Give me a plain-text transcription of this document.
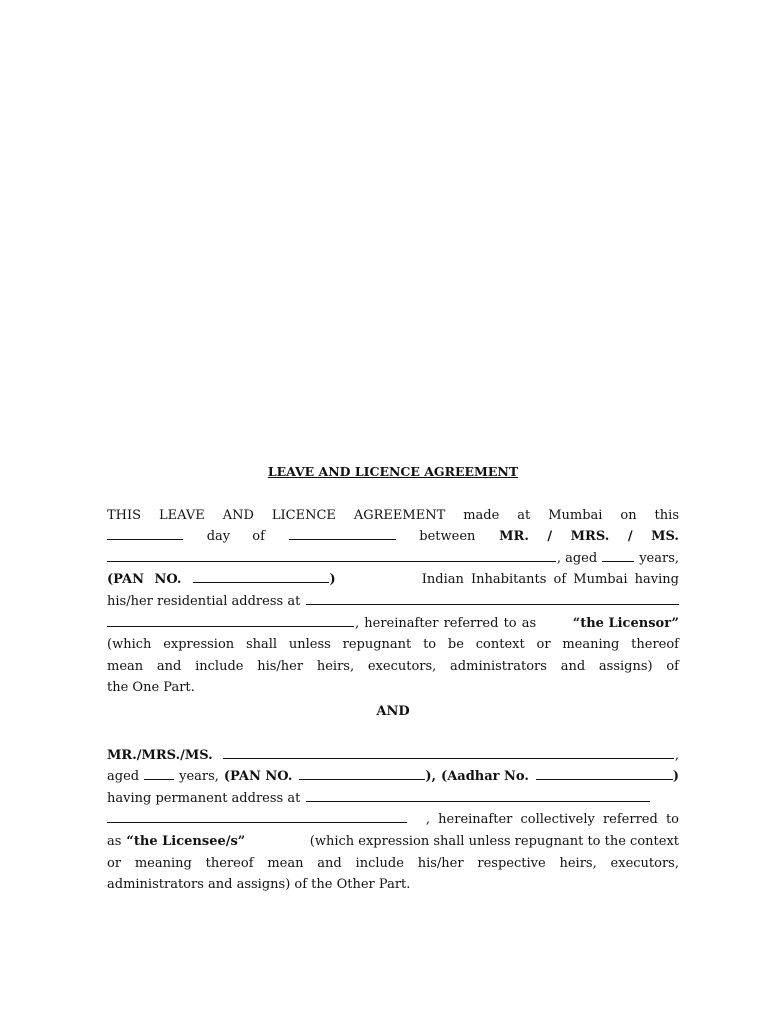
LEAVE AND LICENCE AGREEMENT
THIS LEAVE AND LICENCE AGREEMENT made at Mumbai on this
day of	between MR. / MRS. / MS.
, aged	years,
(PAN NO.	)	Indian Inhabitants of Mumbai having
his/her residential address at
, hereinafter referred to as	“the Licensor”
(which expression shall unless repugnant to be context or meaning thereof
mean and include his/her heirs, executors, administrators and assigns) of
the One Part.
AND
MR./MRS./MS.	,
aged	years, (PAN NO.	), (Aadhar No.	)
having permanent address at
, hereinafter collectively referred to
as “the Licensee/s”	(which expression shall unless repugnant to the context
or meaning thereof mean and include his/her respective heirs, executors,
administrators and assigns) of the Other Part.
